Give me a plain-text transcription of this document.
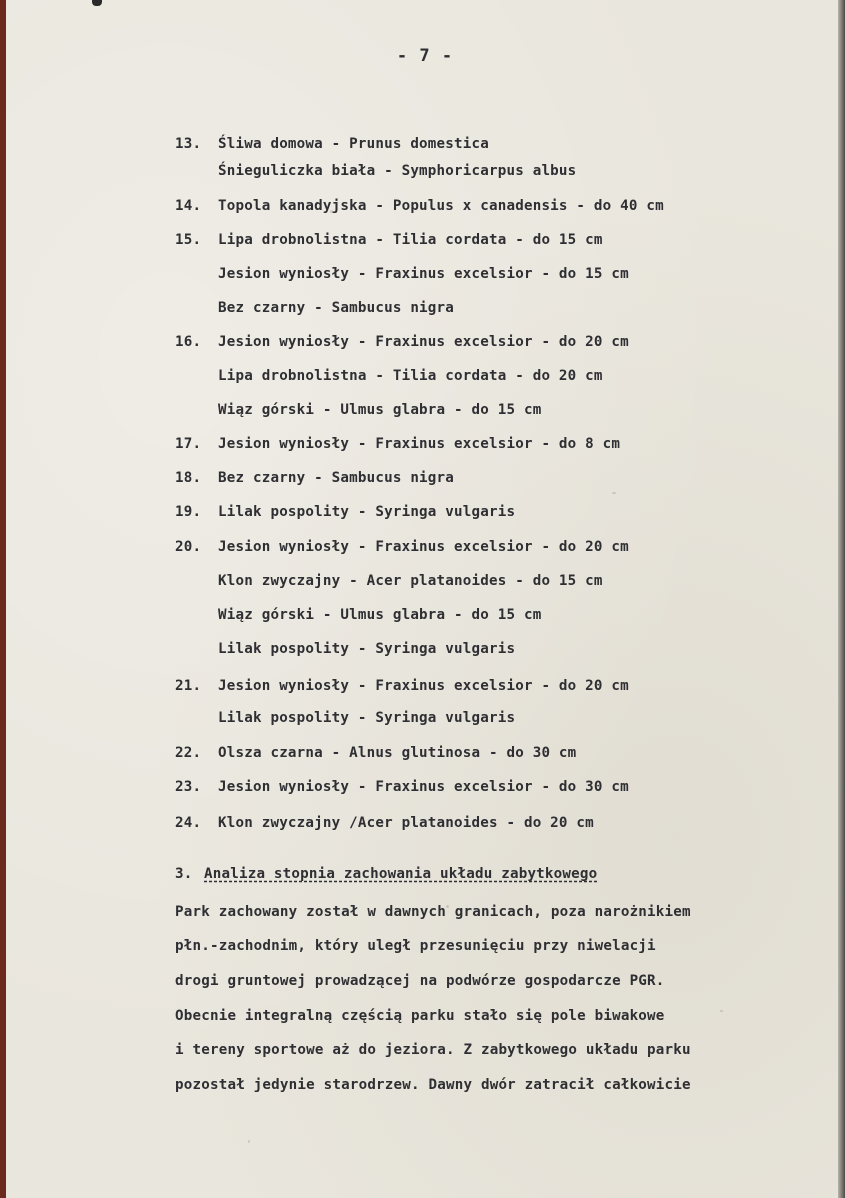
- 7 -
13. Śliwa domowa - Prunus domestica
Śnieguliczka biała - Symphoricarpus albus
14. Topola kanadyjska - Populus x canadensis - do 40 cm
15. Lipa drobnolistna - Tilia cordata - do 15 cm
Jesion wyniosły - Fraxinus excelsior - do 15 cm
Bez czarny - Sambucus nigra
16. Jesion wyniosły - Fraxinus excelsior - do 20 cm
Lipa drobnolistna - Tilia cordata - do 20 cm
Wiąz górski - Ulmus glabra - do 15 cm
17. Jesion wyniosły - Fraxinus excelsior - do 8 cm
18. Bez czarny - Sambucus nigra
19. Lilak pospolity - Syringa vulgaris
20. Jesion wyniosły - Fraxinus excelsior - do 20 cm
Klon zwyczajny - Acer platanoides - do 15 cm
Wiąz górski - Ulmus glabra - do 15 cm
Lilak pospolity - Syringa vulgaris
21. Jesion wyniosły - Fraxinus excelsior - do 20 cm
Lilak pospolity - Syringa vulgaris
22. Olsza czarna - Alnus glutinosa - do 30 cm
23. Jesion wyniosły - Fraxinus excelsior - do 30 cm
24. Klon zwyczajny /Acer platanoides - do 20 cm
3. Analiza stopnia zachowania układu zabytkowego
Park zachowany został w dawnych granicach, poza narożnikiem
płn.-zachodnim, który uległ przesunięciu przy niwelacji
drogi gruntowej prowadzącej na podwórze gospodarcze PGR.
Obecnie integralną częścią parku stało się pole biwakowe
i tereny sportowe aż do jeziora. Z zabytkowego układu parku
pozostał jedynie starodrzew. Dawny dwór zatracił całkowicie
